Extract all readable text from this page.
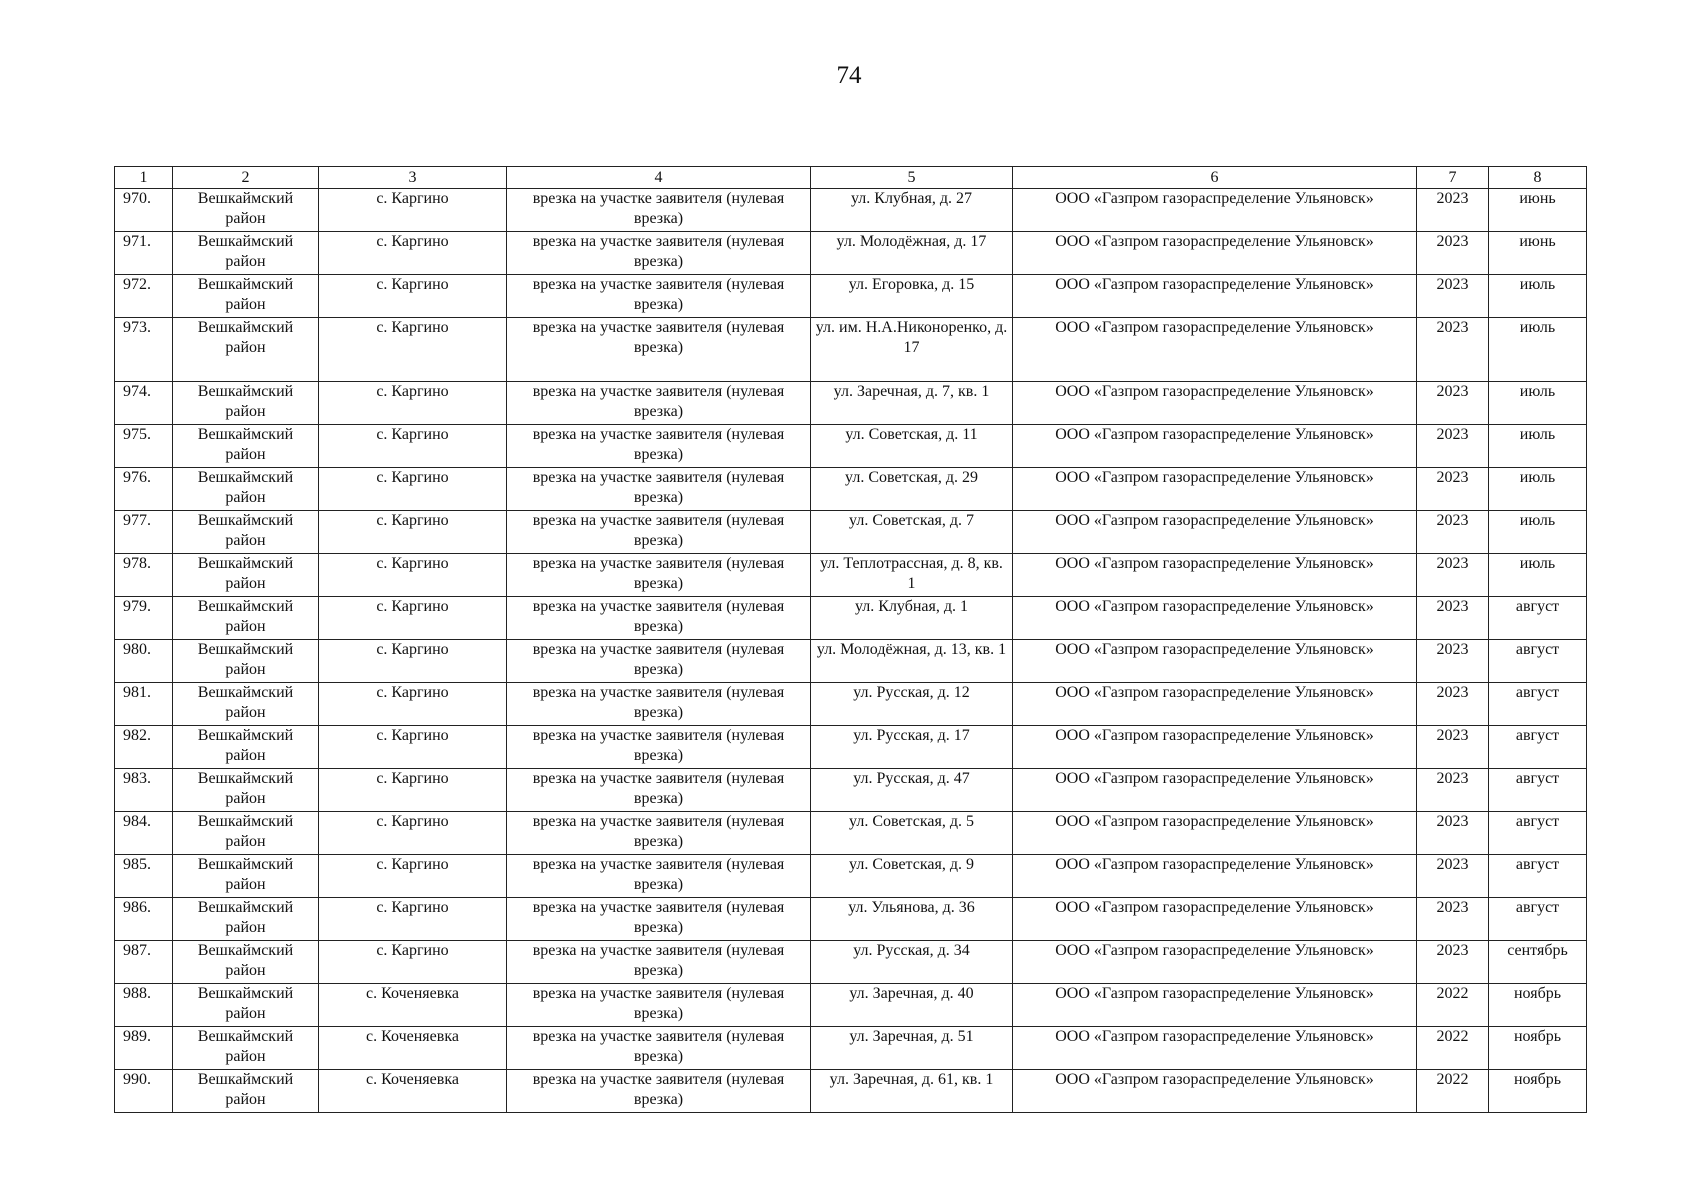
74
1	2	3	4	5	6	7	8
970.	Вешкаймский район	с. Каргино	врезка на участке заявителя (нулевая врезка)	ул. Клубная, д. 27	ООО «Газпром газораспределение Ульяновск»	2023	июнь
971.	Вешкаймский район	с. Каргино	врезка на участке заявителя (нулевая врезка)	ул. Молодёжная, д. 17	ООО «Газпром газораспределение Ульяновск»	2023	июнь
972.	Вешкаймский район	с. Каргино	врезка на участке заявителя (нулевая врезка)	ул. Егоровка, д. 15	ООО «Газпром газораспределение Ульяновск»	2023	июль
973.	Вешкаймский район	с. Каргино	врезка на участке заявителя (нулевая врезка)	ул. им. Н.А.Никоноренко, д. 17	ООО «Газпром газораспределение Ульяновск»	2023	июль
974.	Вешкаймский район	с. Каргино	врезка на участке заявителя (нулевая врезка)	ул. Заречная, д. 7, кв. 1	ООО «Газпром газораспределение Ульяновск»	2023	июль
975.	Вешкаймский район	с. Каргино	врезка на участке заявителя (нулевая врезка)	ул. Советская, д. 11	ООО «Газпром газораспределение Ульяновск»	2023	июль
976.	Вешкаймский район	с. Каргино	врезка на участке заявителя (нулевая врезка)	ул. Советская, д. 29	ООО «Газпром газораспределение Ульяновск»	2023	июль
977.	Вешкаймский район	с. Каргино	врезка на участке заявителя (нулевая врезка)	ул. Советская, д. 7	ООО «Газпром газораспределение Ульяновск»	2023	июль
978.	Вешкаймский район	с. Каргино	врезка на участке заявителя (нулевая врезка)	ул. Теплотрассная, д. 8, кв. 1	ООО «Газпром газораспределение Ульяновск»	2023	июль
979.	Вешкаймский район	с. Каргино	врезка на участке заявителя (нулевая врезка)	ул. Клубная, д. 1	ООО «Газпром газораспределение Ульяновск»	2023	август
980.	Вешкаймский район	с. Каргино	врезка на участке заявителя (нулевая врезка)	ул. Молодёжная, д. 13, кв. 1	ООО «Газпром газораспределение Ульяновск»	2023	август
981.	Вешкаймский район	с. Каргино	врезка на участке заявителя (нулевая врезка)	ул. Русская, д. 12	ООО «Газпром газораспределение Ульяновск»	2023	август
982.	Вешкаймский район	с. Каргино	врезка на участке заявителя (нулевая врезка)	ул. Русская, д. 17	ООО «Газпром газораспределение Ульяновск»	2023	август
983.	Вешкаймский район	с. Каргино	врезка на участке заявителя (нулевая врезка)	ул. Русская, д. 47	ООО «Газпром газораспределение Ульяновск»	2023	август
984.	Вешкаймский район	с. Каргино	врезка на участке заявителя (нулевая врезка)	ул. Советская, д. 5	ООО «Газпром газораспределение Ульяновск»	2023	август
985.	Вешкаймский район	с. Каргино	врезка на участке заявителя (нулевая врезка)	ул. Советская, д. 9	ООО «Газпром газораспределение Ульяновск»	2023	август
986.	Вешкаймский район	с. Каргино	врезка на участке заявителя (нулевая врезка)	ул. Ульянова, д. 36	ООО «Газпром газораспределение Ульяновск»	2023	август
987.	Вешкаймский район	с. Каргино	врезка на участке заявителя (нулевая врезка)	ул. Русская, д. 34	ООО «Газпром газораспределение Ульяновск»	2023	сентябрь
988.	Вешкаймский район	с. Коченяевка	врезка на участке заявителя (нулевая врезка)	ул. Заречная, д. 40	ООО «Газпром газораспределение Ульяновск»	2022	ноябрь
989.	Вешкаймский район	с. Коченяевка	врезка на участке заявителя (нулевая врезка)	ул. Заречная, д. 51	ООО «Газпром газораспределение Ульяновск»	2022	ноябрь
990.	Вешкаймский район	с. Коченяевка	врезка на участке заявителя (нулевая врезка)	ул. Заречная, д. 61, кв. 1	ООО «Газпром газораспределение Ульяновск»	2022	ноябрь
